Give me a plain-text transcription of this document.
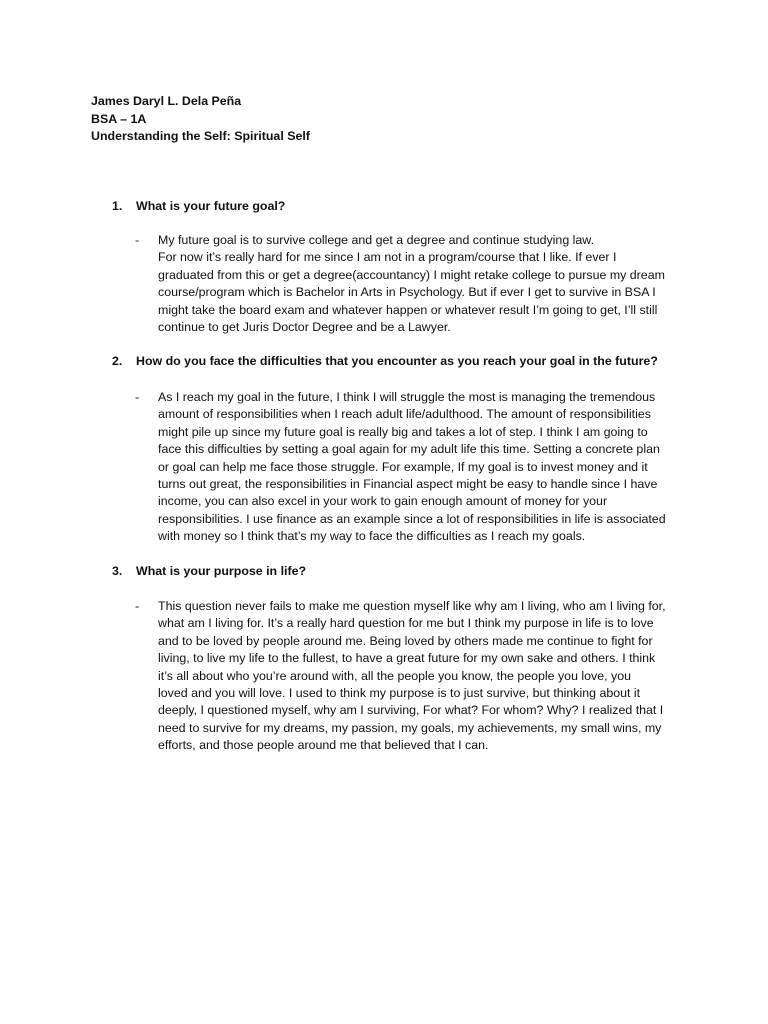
James Daryl L. Dela Peña
BSA – 1A
Understanding the Self: Spiritual Self
1. What is your future goal?
- My future goal is to survive college and get a degree and continue studying law.
For now it’s really hard for me since I am not in a program/course that I like. If ever I
graduated from this or get a degree(accountancy) I might retake college to pursue my dream
course/program which is Bachelor in Arts in Psychology. But if ever I get to survive in BSA I
might take the board exam and whatever happen or whatever result I’m going to get, I’ll still
continue to get Juris Doctor Degree and be a Lawyer.
2. How do you face the difficulties that you encounter as you reach your goal in the future?
- As I reach my goal in the future, I think I will struggle the most is managing the tremendous
amount of responsibilities when I reach adult life/adulthood. The amount of responsibilities
might pile up since my future goal is really big and takes a lot of step. I think I am going to
face this difficulties by setting a goal again for my adult life this time. Setting a concrete plan
or goal can help me face those struggle. For example, If my goal is to invest money and it
turns out great, the responsibilities in Financial aspect might be easy to handle since I have
income, you can also excel in your work to gain enough amount of money for your
responsibilities. I use finance as an example since a lot of responsibilities in life is associated
with money so I think that’s my way to face the difficulties as I reach my goals.
3. What is your purpose in life?
- This question never fails to make me question myself like why am I living, who am I living for,
what am I living for. It’s a really hard question for me but I think my purpose in life is to love
and to be loved by people around me. Being loved by others made me continue to fight for
living, to live my life to the fullest, to have a great future for my own sake and others. I think
it’s all about who you’re around with, all the people you know, the people you love, you
loved and you will love. I used to think my purpose is to just survive, but thinking about it
deeply, I questioned myself, why am I surviving, For what? For whom? Why? I realized that I
need to survive for my dreams, my passion, my goals, my achievements, my small wins, my
efforts, and those people around me that believed that I can.
